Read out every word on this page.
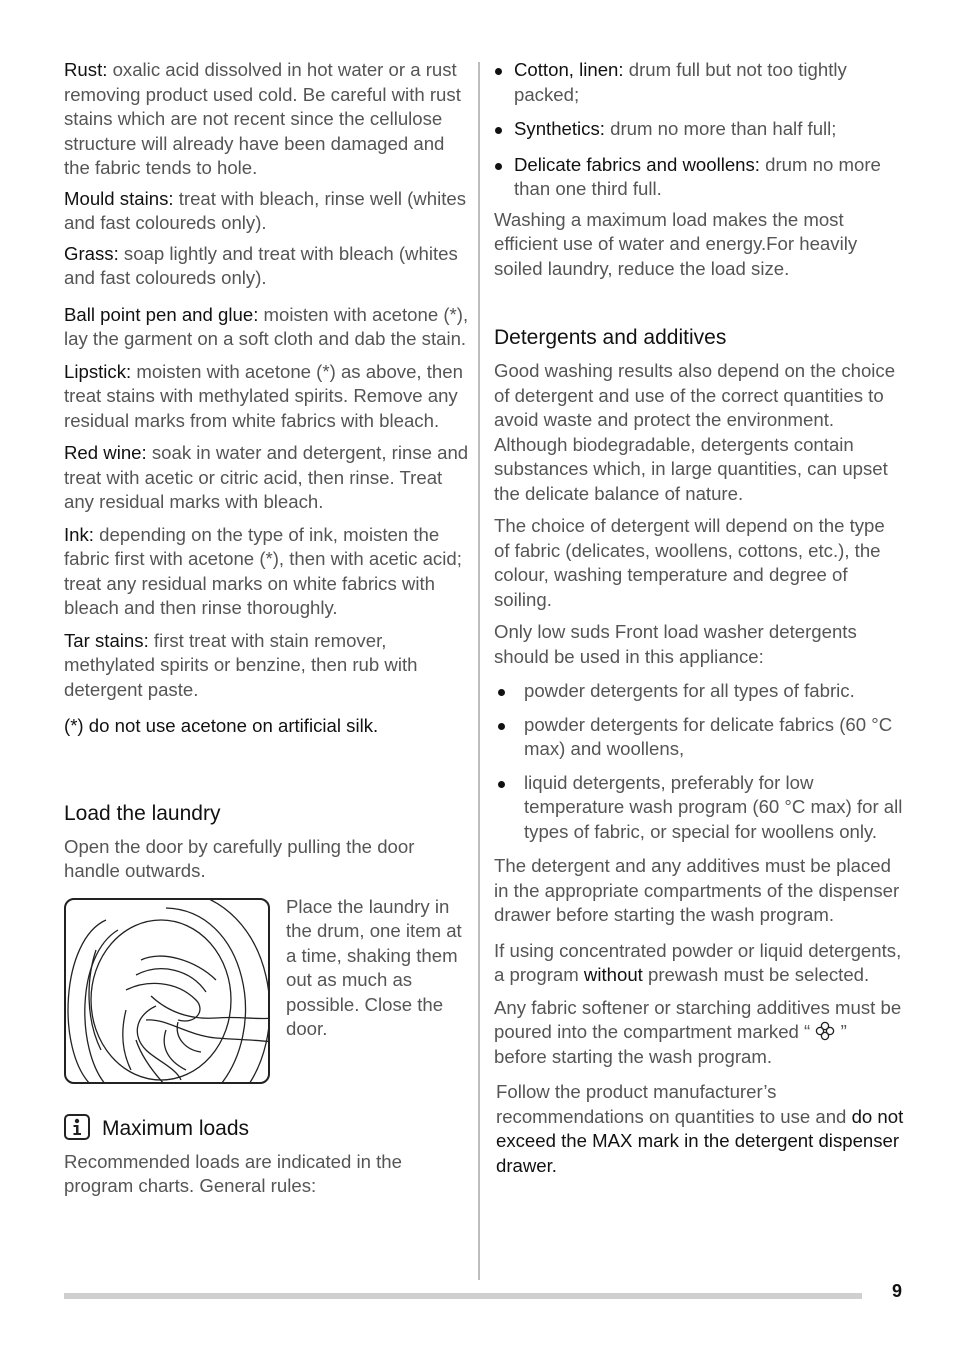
Rust: oxalic acid dissolved in hot water or a rust removing product used cold. Be careful with rust stains which are not recent since the cellulose structure will already have been damaged and the fabric tends to hole.

Mould stains: treat with bleach, rinse well (whites and fast coloureds only).

Grass: soap lightly and treat with bleach (whites and fast coloureds only).

Ball point pen and glue: moisten with acetone (*), lay the garment on a soft cloth and dab the stain.

Lipstick: moisten with acetone (*) as above, then treat stains with methylated spirits. Remove any residual marks from white fabrics with bleach.

Red wine: soak in water and detergent, rinse and treat with acetic or citric acid, then rinse. Treat any residual marks with bleach.

Ink: depending on the type of ink, moisten the fabric first with acetone (*), then with acetic acid; treat any residual marks on white fabrics with bleach and then rinse thoroughly.

Tar stains: first treat with stain remover, methylated spirits or benzine, then rub with detergent paste.

(*) do not use acetone on artificial silk.

Load the laundry

Open the door by carefully pulling the door handle outwards.

Place the laundry in the drum, one item at a time, shaking them out as much as possible. Close the door.

Maximum loads

Recommended loads are indicated in the program charts. General rules:

Cotton, linen: drum full but not too tightly packed;
Synthetics: drum no more than half full;
Delicate fabrics and woollens: drum no more than one third full.

Washing a maximum load makes the most efficient use of water and energy.For heavily soiled laundry, reduce the load size.

Detergents and additives

Good washing results also depend on the choice of detergent and use of the correct quantities to avoid waste and protect the environment. Although biodegradable, detergents contain substances which, in large quantities, can upset the delicate balance of nature.

The choice of detergent will depend on the type of fabric (delicates, woollens, cottons, etc.), the colour, washing temperature and degree of soiling.

Only low suds Front load washer detergents should be used in this appliance:

powder detergents for all types of fabric.
powder detergents for delicate fabrics (60 °C max) and woollens,
liquid detergents, preferably for low temperature wash program (60 °C max) for all types of fabric, or special for woollens only.

The detergent and any additives must be placed in the appropriate compartments of the dispenser drawer before starting the wash program.

If using concentrated powder or liquid detergents, a program without prewash must be selected.

Any fabric softener or starching additives must be poured into the compartment marked “  ” before starting the wash program.

Follow the product manufacturer’s recommendations on quantities to use and do not exceed the MAX mark in the detergent dispenser drawer.

9
